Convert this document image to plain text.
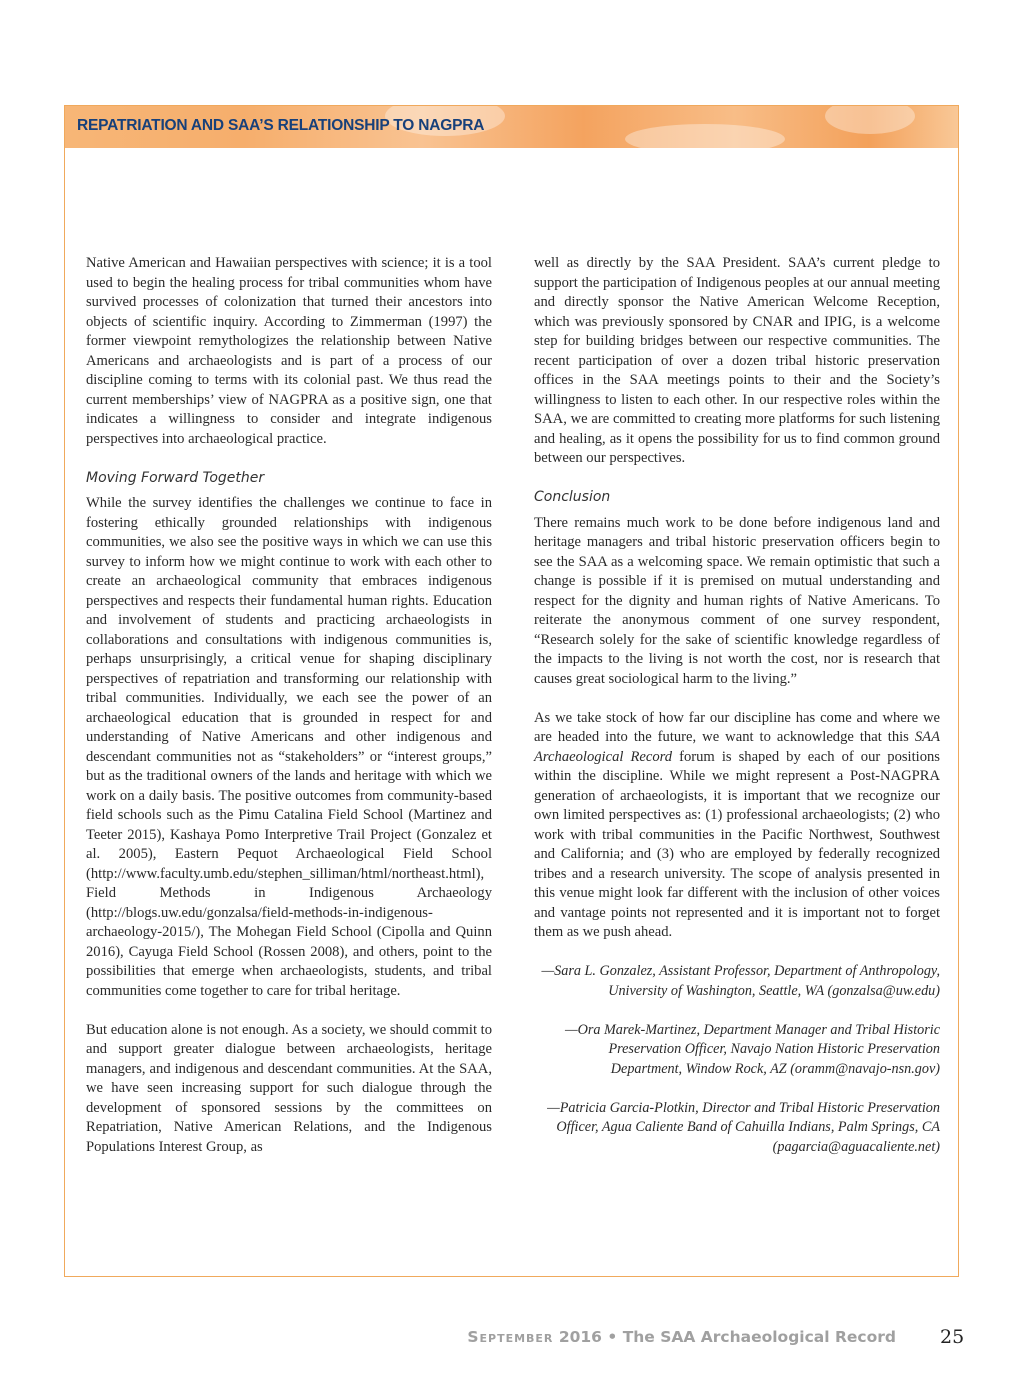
REPATRIATION AND SAA’S RELATIONSHIP TO NAGPRA

Native American and Hawaiian perspectives with science; it is a tool used to begin the healing process for tribal communities whom have survived processes of colonization that turned their ancestors into objects of scientific inquiry. According to Zimmerman (1997) the former viewpoint remythologizes the relationship between Native Americans and archaeologists and is part of a process of our discipline coming to terms with its colonial past. We thus read the current memberships’ view of NAGPRA as a positive sign, one that indicates a willingness to consider and integrate indigenous perspectives into archaeological practice.

Moving Forward Together

While the survey identifies the challenges we continue to face in fostering ethically grounded relationships with indigenous communities, we also see the positive ways in which we can use this survey to inform how we might continue to work with each other to create an archaeological community that embraces indigenous perspectives and respects their fundamental human rights. Education and involvement of students and practicing archaeologists in collaborations and consultations with indigenous communities is, perhaps unsurprisingly, a critical venue for shaping disciplinary perspectives of repatriation and transforming our relationship with tribal communities. Individually, we each see the power of an archaeological education that is grounded in respect for and understanding of Native Americans and other indigenous and descendant communities not as “stakeholders” or “interest groups,” but as the traditional owners of the lands and heritage with which we work on a daily basis. The positive outcomes from community-based field schools such as the Pimu Catalina Field School (Martinez and Teeter 2015), Kashaya Pomo Interpretive Trail Project (Gonzalez et al. 2005), Eastern Pequot Archaeological Field School (http://www.faculty.umb.edu/stephen_silliman/html/northeast.html), Field Methods in Indigenous Archaeology (http://blogs.uw.edu/gonzalsa/field-methods-in-indigenous-archaeology-2015/), The Mohegan Field School (Cipolla and Quinn 2016), Cayuga Field School (Rossen 2008), and others, point to the possibilities that emerge when archaeologists, students, and tribal communities come together to care for tribal heritage.

But education alone is not enough. As a society, we should commit to and support greater dialogue between archaeologists, heritage managers, and indigenous and descendant communities. At the SAA, we have seen increasing support for such dialogue through the development of sponsored sessions by the committees on Repatriation, Native American Relations, and the Indigenous Populations Interest Group, as

well as directly by the SAA President. SAA’s current pledge to support the participation of Indigenous peoples at our annual meeting and directly sponsor the Native American Welcome Reception, which was previously sponsored by CNAR and IPIG, is a welcome step for building bridges between our respective communities. The recent participation of over a dozen tribal historic preservation offices in the SAA meetings points to their and the Society’s willingness to listen to each other. In our respective roles within the SAA, we are committed to creating more platforms for such listening and healing, as it opens the possibility for us to find common ground between our perspectives.

Conclusion

There remains much work to be done before indigenous land and heritage managers and tribal historic preservation officers begin to see the SAA as a welcoming space. We remain optimistic that such a change is possible if it is premised on mutual understanding and respect for the dignity and human rights of Native Americans. To reiterate the anonymous comment of one survey respondent, “Research solely for the sake of scientific knowledge regardless of the impacts to the living is not worth the cost, nor is research that causes great sociological harm to the living.”

As we take stock of how far our discipline has come and where we are headed into the future, we want to acknowledge that this SAA Archaeological Record forum is shaped by each of our positions within the discipline. While we might represent a Post-NAGPRA generation of archaeologists, it is important that we recognize our own limited perspectives as: (1) professional archaeologists; (2) who work with tribal communities in the Pacific Northwest, Southwest and California; and (3) who are employed by federally recognized tribes and a research university. The scope of analysis presented in this venue might look far different with the inclusion of other voices and vantage points not represented and it is important not to forget them as we push ahead.

—Sara L. Gonzalez, Assistant Professor, Department of Anthropology, University of Washington, Seattle, WA (gonzalsa@uw.edu)
—Ora Marek-Martinez, Department Manager and Tribal Historic Preservation Officer, Navajo Nation Historic Preservation Department, Window Rock, AZ (oramm@navajo-nsn.gov)
—Patricia Garcia-Plotkin, Director and Tribal Historic Preservation Officer, Agua Caliente Band of Cahuilla Indians, Palm Springs, CA (pagarcia@aguacaliente.net)
September 2016 • The SAA Archaeological Record 25
